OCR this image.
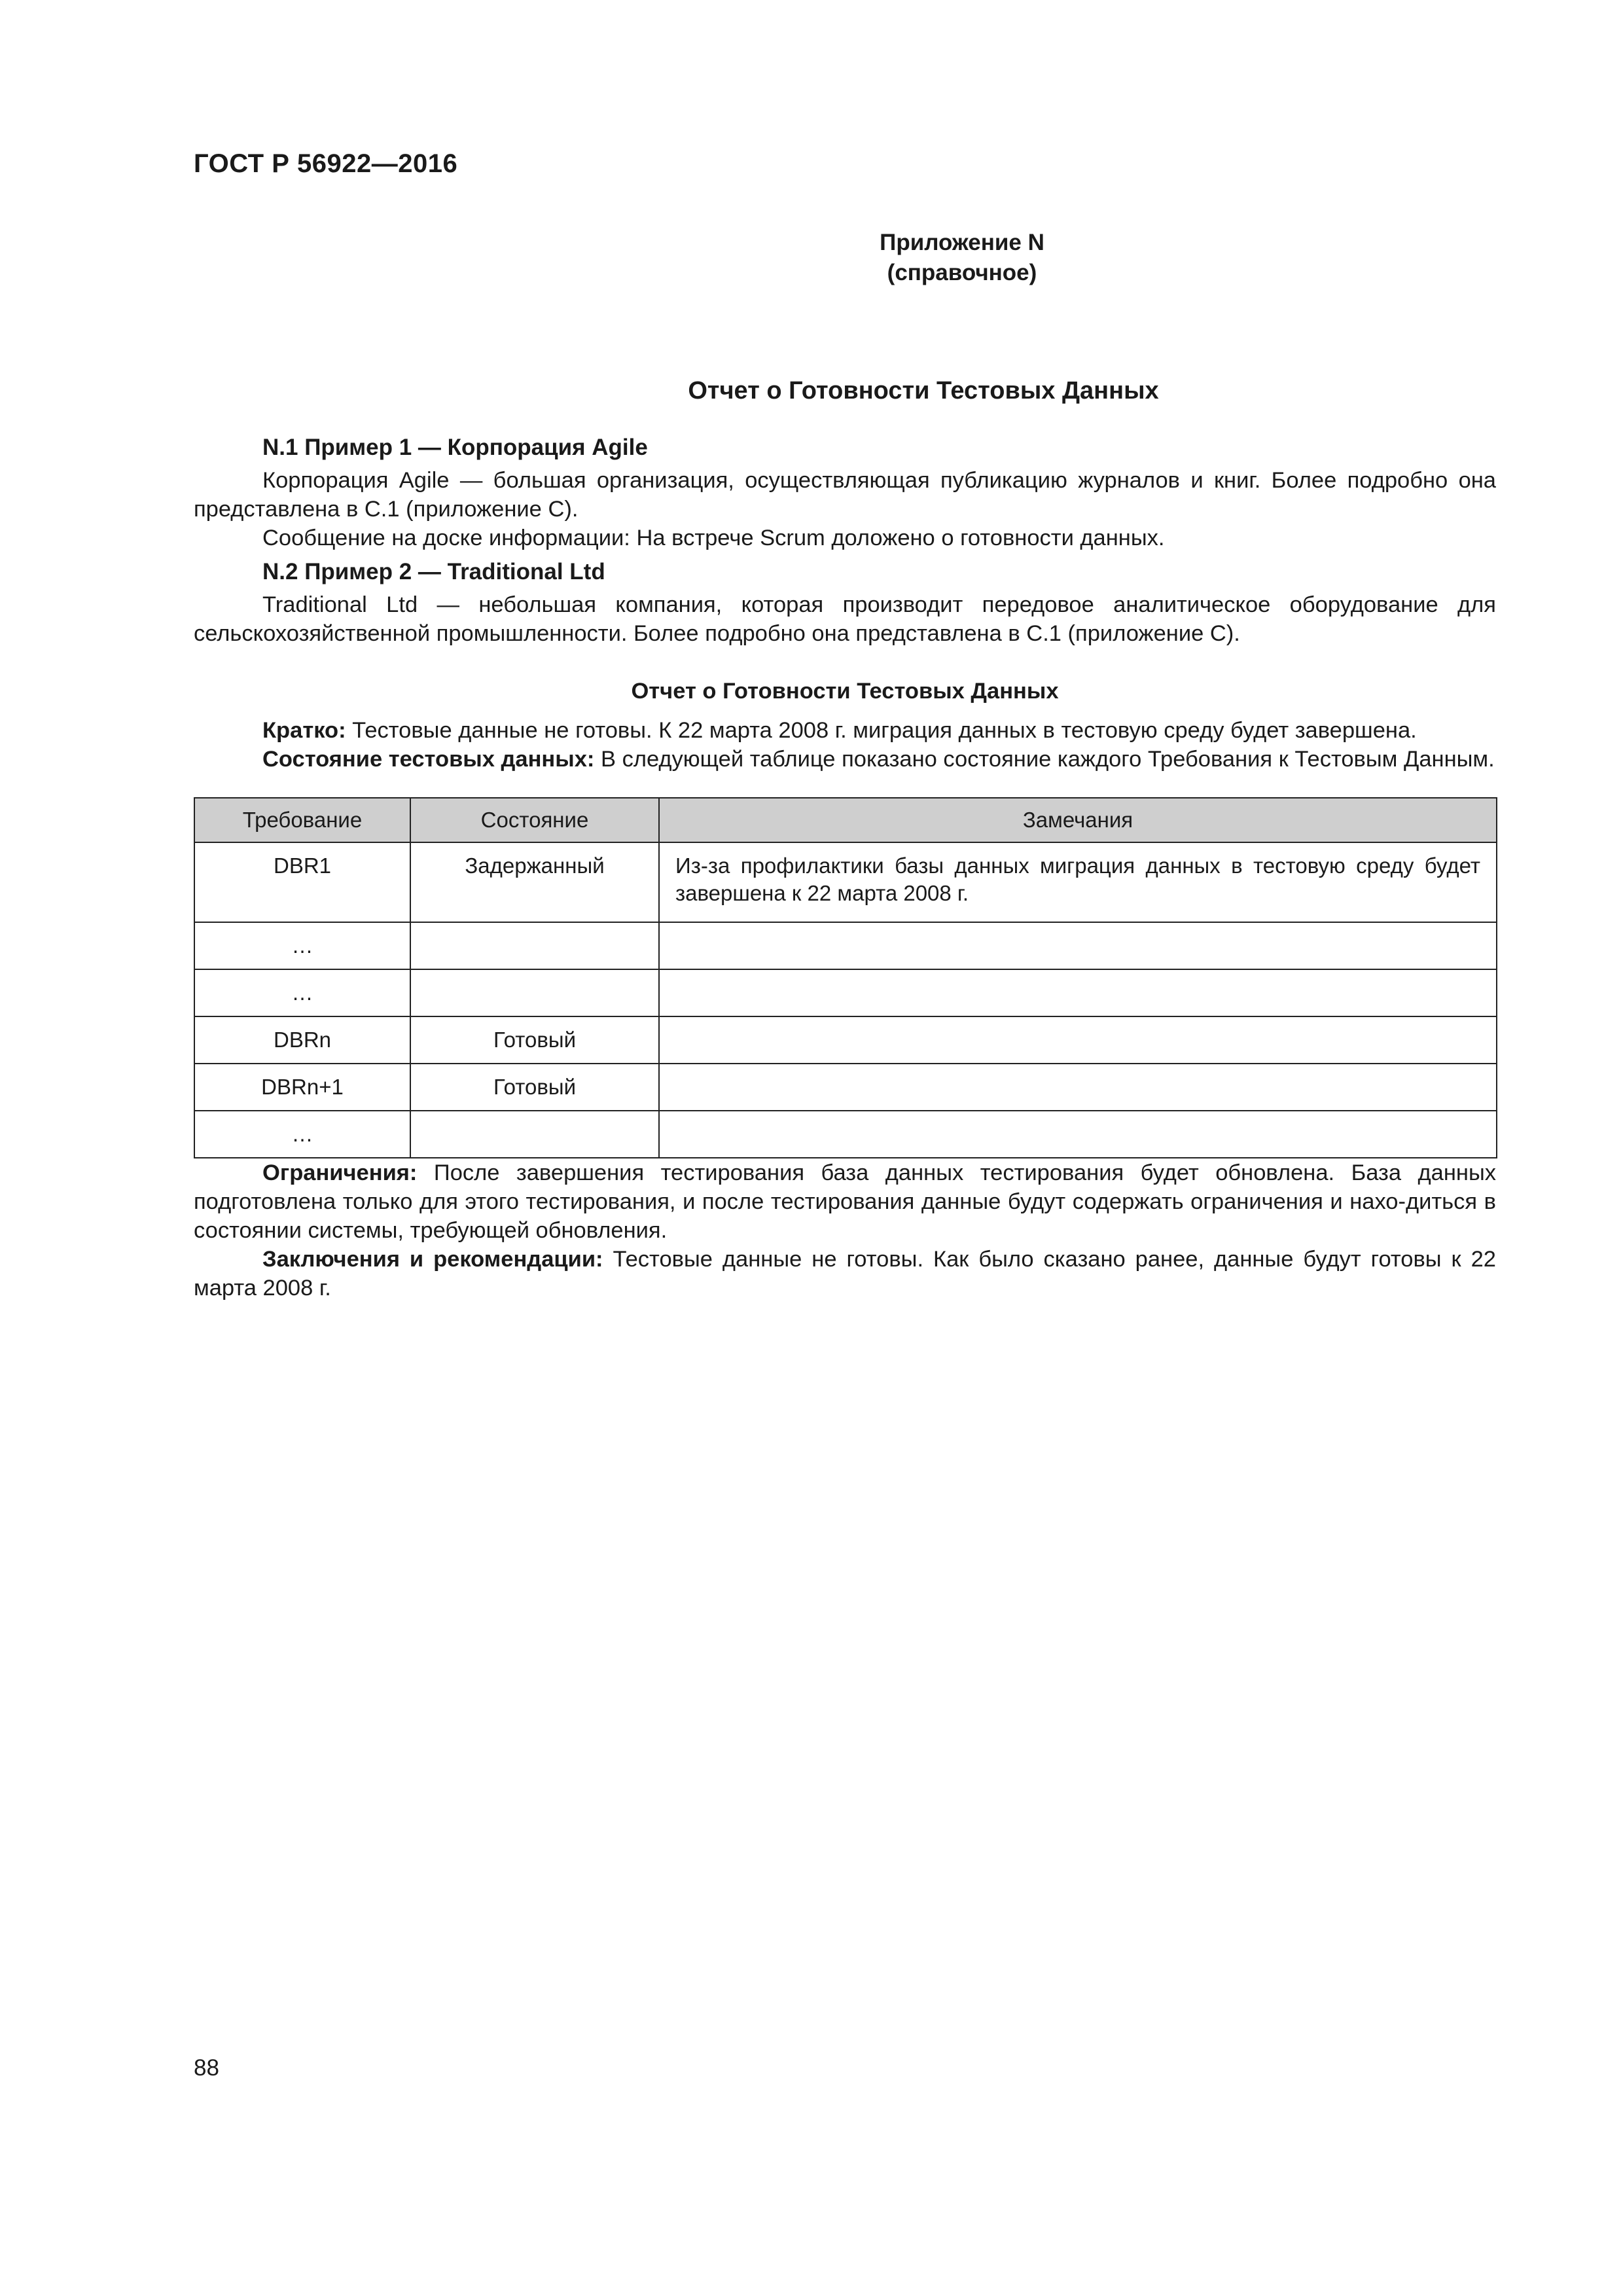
ГОСТ Р 56922—2016
Приложение N
(справочное)
Отчет о Готовности Тестовых Данных

N.1 Пример 1 — Корпорация Agile

Корпорация Agile — большая организация, осуществляющая публикацию журналов и книг. Более подробно она представлена в С.1 (приложение С).

Сообщение на доске информации: На встрече Scrum доложено о готовности данных.

N.2 Пример 2 — Traditional Ltd

Traditional Ltd — небольшая компания, которая производит передовое аналитическое оборудование для сельскохозяйственной промышленности. Более подробно она представлена в С.1 (приложение С).

Отчет о Готовности Тестовых Данных

Кратко: Тестовые данные не готовы. К 22 марта 2008 г. миграция данных в тестовую среду будет завершена.

Состояние тестовых данных: В следующей таблице показано состояние каждого Требования к Тестовым Данным.

Требование	Состояние	Замечания
DBR1	Задержанный	Из-за профилактики базы данных миграция данных в тестовую среду будет завершена к 22 марта 2008 г.
…		
…		
DBRn	Готовый	
DBRn+1	Готовый	
…		

Ограничения: После завершения тестирования база данных тестирования будет обновлена. База данных подготовлена только для этого тестирования, и после тестирования данные будут содержать ограничения и нахо-диться в состоянии системы, требующей обновления.

Заключения и рекомендации: Тестовые данные не готовы. Как было сказано ранее, данные будут готовы к 22 марта 2008 г.

88
